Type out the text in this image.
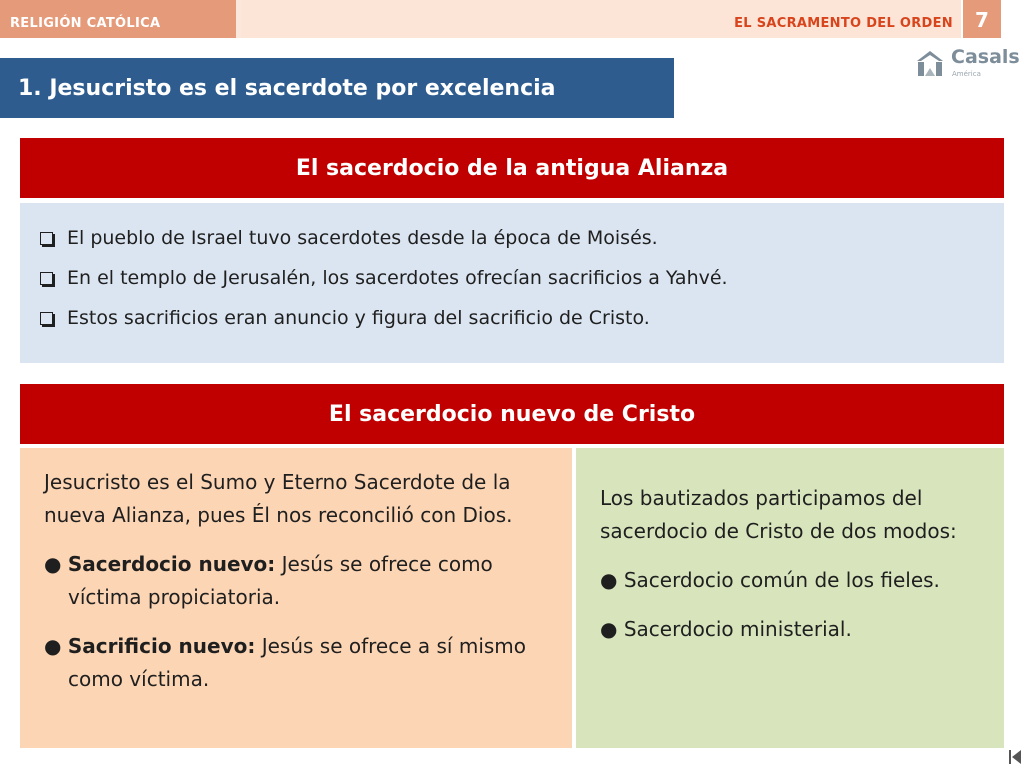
RELIGIÓN CATÓLICA	EL SACRAMENTO DEL ORDEN	7
Casals
América
1. Jesucristo es el sacerdote por excelencia
El sacerdocio de la antigua Alianza
El pueblo de Israel tuvo sacerdotes desde la época de Moisés.
En el templo de Jerusalén, los sacerdotes ofrecían sacrificios a Yahvé.
Estos sacrificios eran anuncio y figura del sacrificio de Cristo.
El sacerdocio nuevo de Cristo

Jesucristo es el Sumo y Eterno Sacerdote de la nueva Alianza, pues Él nos reconcilió con Dios.

● Sacerdocio nuevo: Jesús se ofrece como víctima propiciatoria.

● Sacrificio nuevo: Jesús se ofrece a sí mismo como víctima.

Los bautizados participamos del sacerdocio de Cristo de dos modos:

● Sacerdocio común de los fieles.

● Sacerdocio ministerial.
